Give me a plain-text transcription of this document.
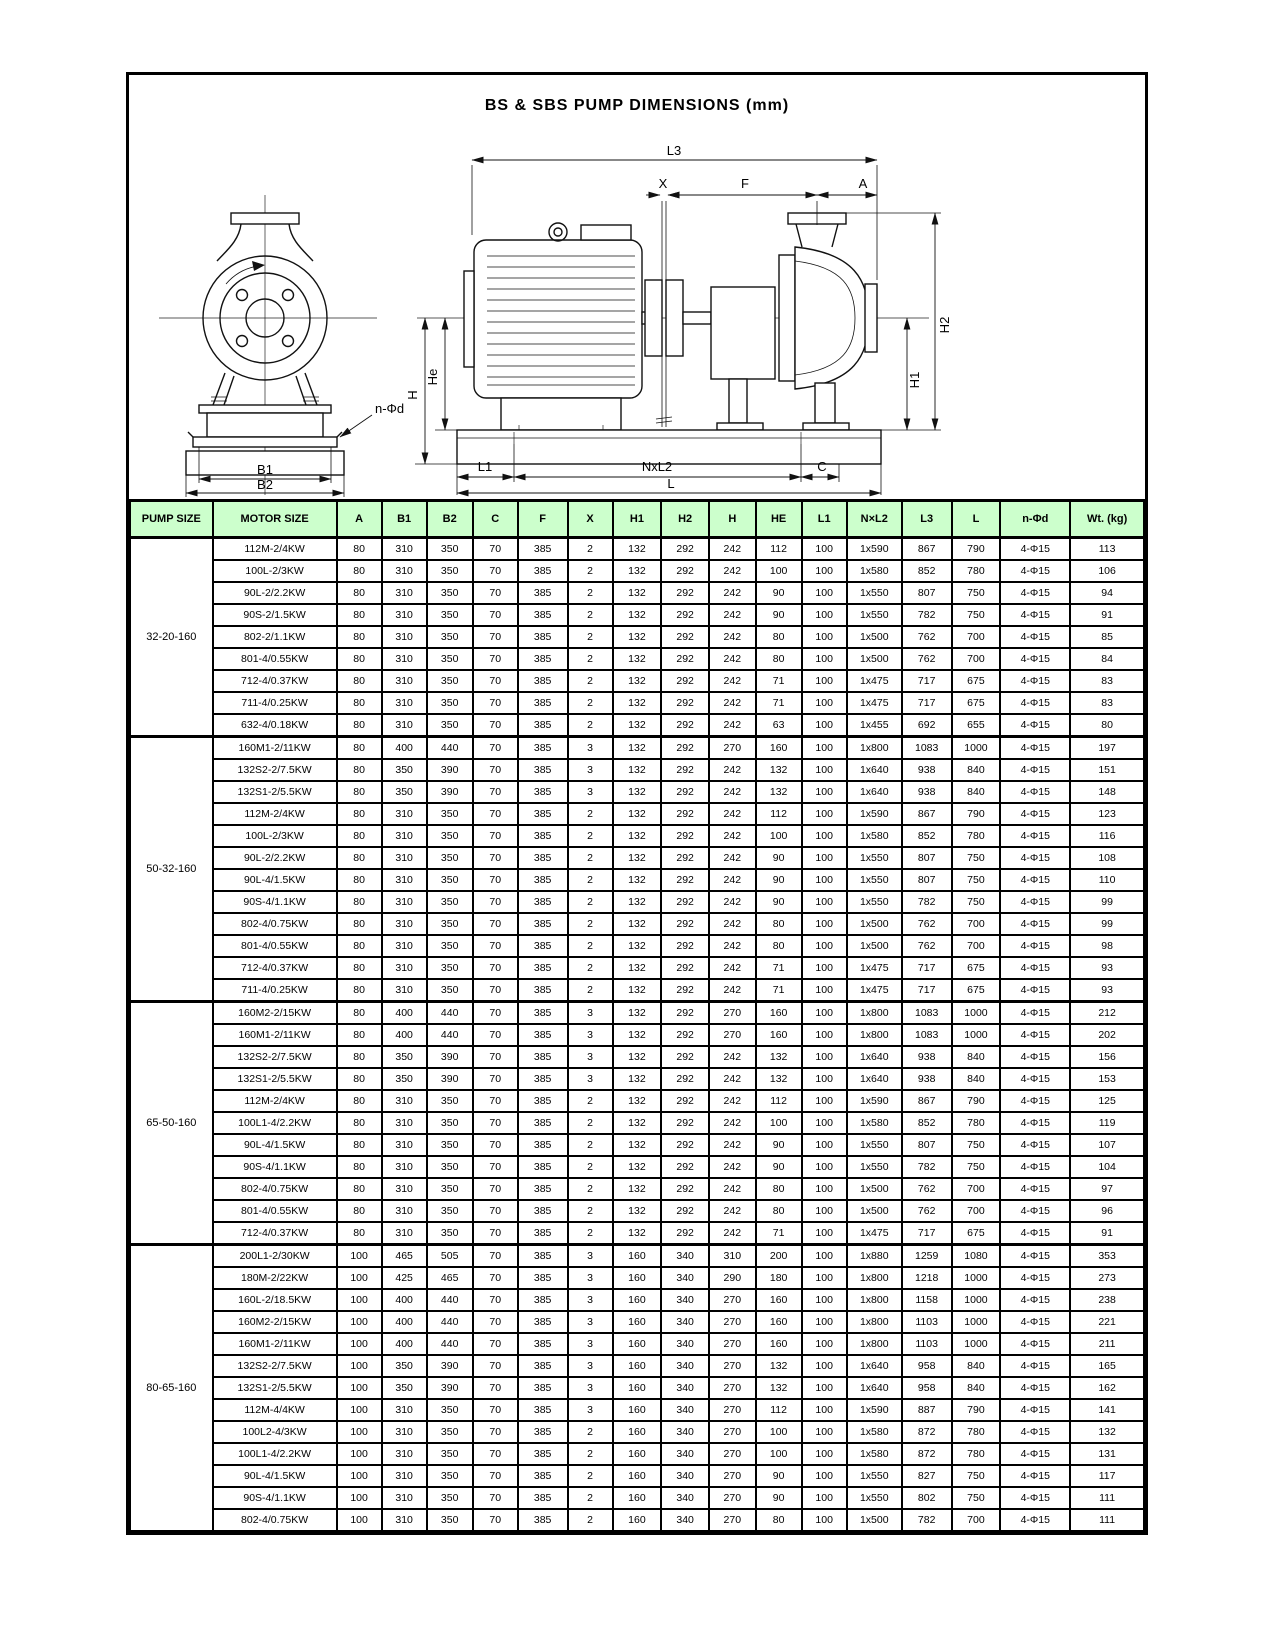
BS & SBS PUMP DIMENSIONS (mm)
n-Φd
B1
B2
L3
X	F	A
H2
H1
He
H
L1	NxL2	C
L
PUMP SIZE	MOTOR SIZE	A	B1	B2	C	F	X	H1	H2	H	HE	L1	N×L2	L3	L	n-Φd	Wt. (kg)
32-20-160	112M-2/4KW	80	310	350	70	385	2	132	292	242	112	100	1x590	867	790	4-Φ15	113
	100L-2/3KW	80	310	350	70	385	2	132	292	242	100	100	1x580	852	780	4-Φ15	106
	90L-2/2.2KW	80	310	350	70	385	2	132	292	242	90	100	1x550	807	750	4-Φ15	94
	90S-2/1.5KW	80	310	350	70	385	2	132	292	242	90	100	1x550	782	750	4-Φ15	91
	802-2/1.1KW	80	310	350	70	385	2	132	292	242	80	100	1x500	762	700	4-Φ15	85
	801-4/0.55KW	80	310	350	70	385	2	132	292	242	80	100	1x500	762	700	4-Φ15	84
	712-4/0.37KW	80	310	350	70	385	2	132	292	242	71	100	1x475	717	675	4-Φ15	83
	711-4/0.25KW	80	310	350	70	385	2	132	292	242	71	100	1x475	717	675	4-Φ15	83
	632-4/0.18KW	80	310	350	70	385	2	132	292	242	63	100	1x455	692	655	4-Φ15	80
50-32-160	160M1-2/11KW	80	400	440	70	385	3	132	292	270	160	100	1x800	1083	1000	4-Φ15	197
	132S2-2/7.5KW	80	350	390	70	385	3	132	292	242	132	100	1x640	938	840	4-Φ15	151
	132S1-2/5.5KW	80	350	390	70	385	3	132	292	242	132	100	1x640	938	840	4-Φ15	148
	112M-2/4KW	80	310	350	70	385	2	132	292	242	112	100	1x590	867	790	4-Φ15	123
	100L-2/3KW	80	310	350	70	385	2	132	292	242	100	100	1x580	852	780	4-Φ15	116
	90L-2/2.2KW	80	310	350	70	385	2	132	292	242	90	100	1x550	807	750	4-Φ15	108
	90L-4/1.5KW	80	310	350	70	385	2	132	292	242	90	100	1x550	807	750	4-Φ15	110
	90S-4/1.1KW	80	310	350	70	385	2	132	292	242	90	100	1x550	782	750	4-Φ15	99
	802-4/0.75KW	80	310	350	70	385	2	132	292	242	80	100	1x500	762	700	4-Φ15	99
	801-4/0.55KW	80	310	350	70	385	2	132	292	242	80	100	1x500	762	700	4-Φ15	98
	712-4/0.37KW	80	310	350	70	385	2	132	292	242	71	100	1x475	717	675	4-Φ15	93
	711-4/0.25KW	80	310	350	70	385	2	132	292	242	71	100	1x475	717	675	4-Φ15	93
65-50-160	160M2-2/15KW	80	400	440	70	385	3	132	292	270	160	100	1x800	1083	1000	4-Φ15	212
	160M1-2/11KW	80	400	440	70	385	3	132	292	270	160	100	1x800	1083	1000	4-Φ15	202
	132S2-2/7.5KW	80	350	390	70	385	3	132	292	242	132	100	1x640	938	840	4-Φ15	156
	132S1-2/5.5KW	80	350	390	70	385	3	132	292	242	132	100	1x640	938	840	4-Φ15	153
	112M-2/4KW	80	310	350	70	385	2	132	292	242	112	100	1x590	867	790	4-Φ15	125
	100L1-4/2.2KW	80	310	350	70	385	2	132	292	242	100	100	1x580	852	780	4-Φ15	119
	90L-4/1.5KW	80	310	350	70	385	2	132	292	242	90	100	1x550	807	750	4-Φ15	107
	90S-4/1.1KW	80	310	350	70	385	2	132	292	242	90	100	1x550	782	750	4-Φ15	104
	802-4/0.75KW	80	310	350	70	385	2	132	292	242	80	100	1x500	762	700	4-Φ15	97
	801-4/0.55KW	80	310	350	70	385	2	132	292	242	80	100	1x500	762	700	4-Φ15	96
	712-4/0.37KW	80	310	350	70	385	2	132	292	242	71	100	1x475	717	675	4-Φ15	91
80-65-160	200L1-2/30KW	100	465	505	70	385	3	160	340	310	200	100	1x880	1259	1080	4-Φ15	353
	180M-2/22KW	100	425	465	70	385	3	160	340	290	180	100	1x800	1218	1000	4-Φ15	273
	160L-2/18.5KW	100	400	440	70	385	3	160	340	270	160	100	1x800	1158	1000	4-Φ15	238
	160M2-2/15KW	100	400	440	70	385	3	160	340	270	160	100	1x800	1103	1000	4-Φ15	221
	160M1-2/11KW	100	400	440	70	385	3	160	340	270	160	100	1x800	1103	1000	4-Φ15	211
	132S2-2/7.5KW	100	350	390	70	385	3	160	340	270	132	100	1x640	958	840	4-Φ15	165
	132S1-2/5.5KW	100	350	390	70	385	3	160	340	270	132	100	1x640	958	840	4-Φ15	162
	112M-4/4KW	100	310	350	70	385	3	160	340	270	112	100	1x590	887	790	4-Φ15	141
	100L2-4/3KW	100	310	350	70	385	2	160	340	270	100	100	1x580	872	780	4-Φ15	132
	100L1-4/2.2KW	100	310	350	70	385	2	160	340	270	100	100	1x580	872	780	4-Φ15	131
	90L-4/1.5KW	100	310	350	70	385	2	160	340	270	90	100	1x550	827	750	4-Φ15	117
	90S-4/1.1KW	100	310	350	70	385	2	160	340	270	90	100	1x550	802	750	4-Φ15	111
	802-4/0.75KW	100	310	350	70	385	2	160	340	270	80	100	1x500	782	700	4-Φ15	111
